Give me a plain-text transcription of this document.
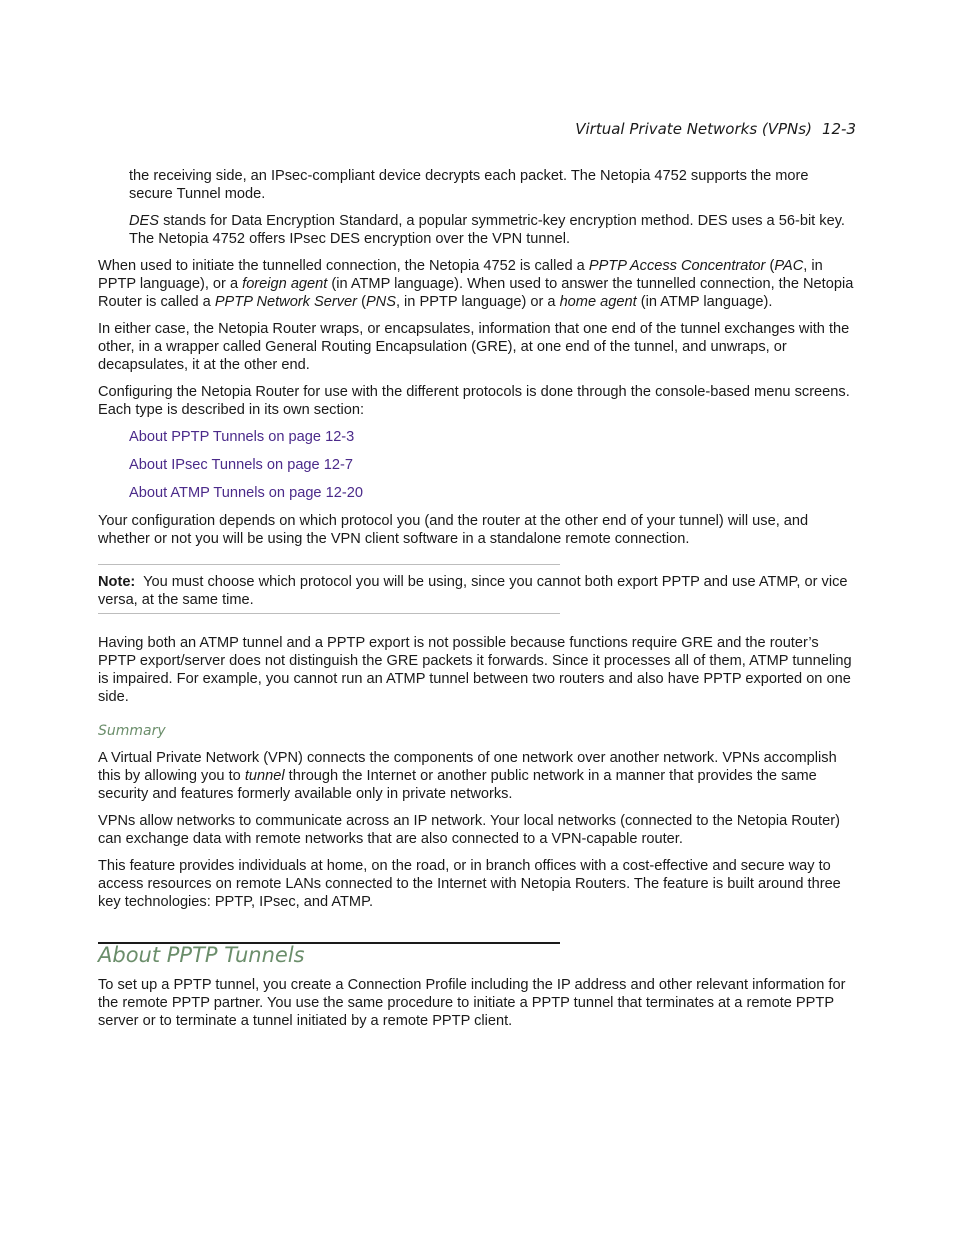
Virtual Private Networks (VPNs) 12-3

the receiving side, an IPsec-compliant device decrypts each packet. The Netopia 4752 supports the more secure Tunnel mode.

DES stands for Data Encryption Standard, a popular symmetric-key encryption method. DES uses a 56-bit key. The Netopia 4752 offers IPsec DES encryption over the VPN tunnel.

When used to initiate the tunnelled connection, the Netopia 4752 is called a PPTP Access Concentrator (PAC, in PPTP language), or a foreign agent (in ATMP language). When used to answer the tunnelled connection, the Netopia Router is called a PPTP Network Server (PNS, in PPTP language) or a home agent (in ATMP language).

In either case, the Netopia Router wraps, or encapsulates, information that one end of the tunnel exchanges with the other, in a wrapper called General Routing Encapsulation (GRE), at one end of the tunnel, and unwraps, or decapsulates, it at the other end.

Configuring the Netopia Router for use with the different protocols is done through the console-based menu screens. Each type is described in its own section:

About PPTP Tunnels on page 12-3
About IPsec Tunnels on page 12-7
About ATMP Tunnels on page 12-20

Your configuration depends on which protocol you (and the router at the other end of your tunnel) will use, and whether or not you will be using the VPN client software in a standalone remote connection.

Note: You must choose which protocol you will be using, since you cannot both export PPTP and use ATMP, or vice versa, at the same time.

Having both an ATMP tunnel and a PPTP export is not possible because functions require GRE and the router’s PPTP export/server does not distinguish the GRE packets it forwards. Since it processes all of them, ATMP tunneling is impaired. For example, you cannot run an ATMP tunnel between two routers and also have PPTP exported on one side.

Summary

A Virtual Private Network (VPN) connects the components of one network over another network. VPNs accomplish this by allowing you to tunnel through the Internet or another public network in a manner that provides the same security and features formerly available only in private networks.

VPNs allow networks to communicate across an IP network. Your local networks (connected to the Netopia Router) can exchange data with remote networks that are also connected to a VPN-capable router.

This feature provides individuals at home, on the road, or in branch offices with a cost-effective and secure way to access resources on remote LANs connected to the Internet with Netopia Routers. The feature is built around three key technologies: PPTP, IPsec, and ATMP.

About PPTP Tunnels

To set up a PPTP tunnel, you create a Connection Profile including the IP address and other relevant information for the remote PPTP partner. You use the same procedure to initiate a PPTP tunnel that terminates at a remote PPTP server or to terminate a tunnel initiated by a remote PPTP client.
